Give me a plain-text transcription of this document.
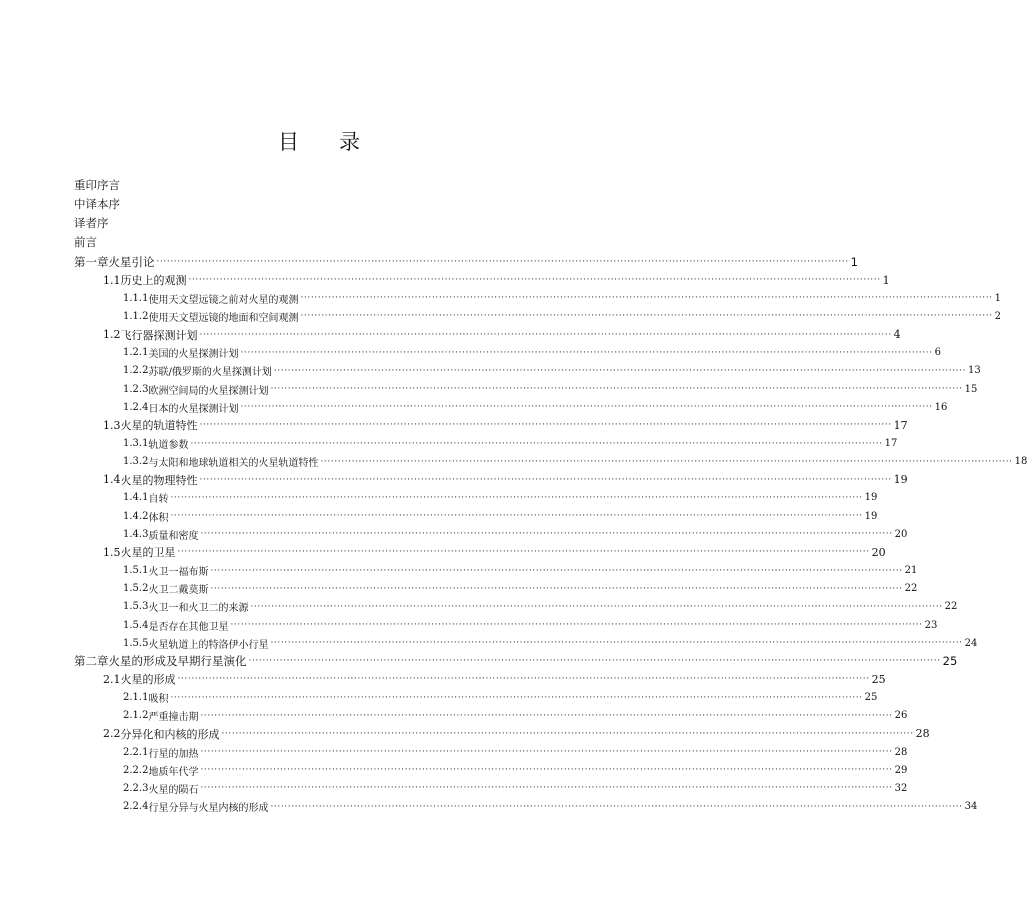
目 录
重印序言
中译本序
译者序
前言
第一章 火星引论 ········································································································································································································ 1
1.1 历史上的观测 ········································································································································································································ 1
1.1.1 使用天文望远镜之前对火星的观测 ········································································································································································································ 1
1.1.2 使用天文望远镜的地面和空间观测 ········································································································································································································ 2
1.2 飞行器探测计划 ········································································································································································································ 4
1.2.1 美国的火星探测计划 ········································································································································································································ 6
1.2.2 苏联/俄罗斯的火星探测计划 ········································································································································································································ 13
1.2.3 欧洲空间局的火星探测计划 ········································································································································································································ 15
1.2.4 日本的火星探测计划 ········································································································································································································ 16
1.3 火星的轨道特性 ········································································································································································································ 17
1.3.1 轨道参数 ········································································································································································································ 17
1.3.2 与太阳和地球轨道相关的火星轨道特性 ········································································································································································································ 18
1.4 火星的物理特性 ········································································································································································································ 19
1.4.1 自转 ········································································································································································································ 19
1.4.2 体积 ········································································································································································································ 19
1.4.3 质量和密度 ········································································································································································································ 20
1.5 火星的卫星 ········································································································································································································ 20
1.5.1 火卫一福布斯 ········································································································································································································ 21
1.5.2 火卫二戴莫斯 ········································································································································································································ 22
1.5.3 火卫一和火卫二的来源 ········································································································································································································ 22
1.5.4 是否存在其他卫星 ········································································································································································································ 23
1.5.5 火星轨道上的特洛伊小行星 ········································································································································································································ 24
第二章 火星的形成及早期行星演化 ········································································································································································································ 25
2.1 火星的形成 ········································································································································································································ 25
2.1.1 吸积 ········································································································································································································ 25
2.1.2 严重撞击期 ········································································································································································································ 26
2.2 分异化和内核的形成 ········································································································································································································ 28
2.2.1 行星的加热 ········································································································································································································ 28
2.2.2 地质年代学 ········································································································································································································ 29
2.2.3 火星的陨石 ········································································································································································································ 32
2.2.4 行星分异与火星内核的形成 ········································································································································································································ 34
